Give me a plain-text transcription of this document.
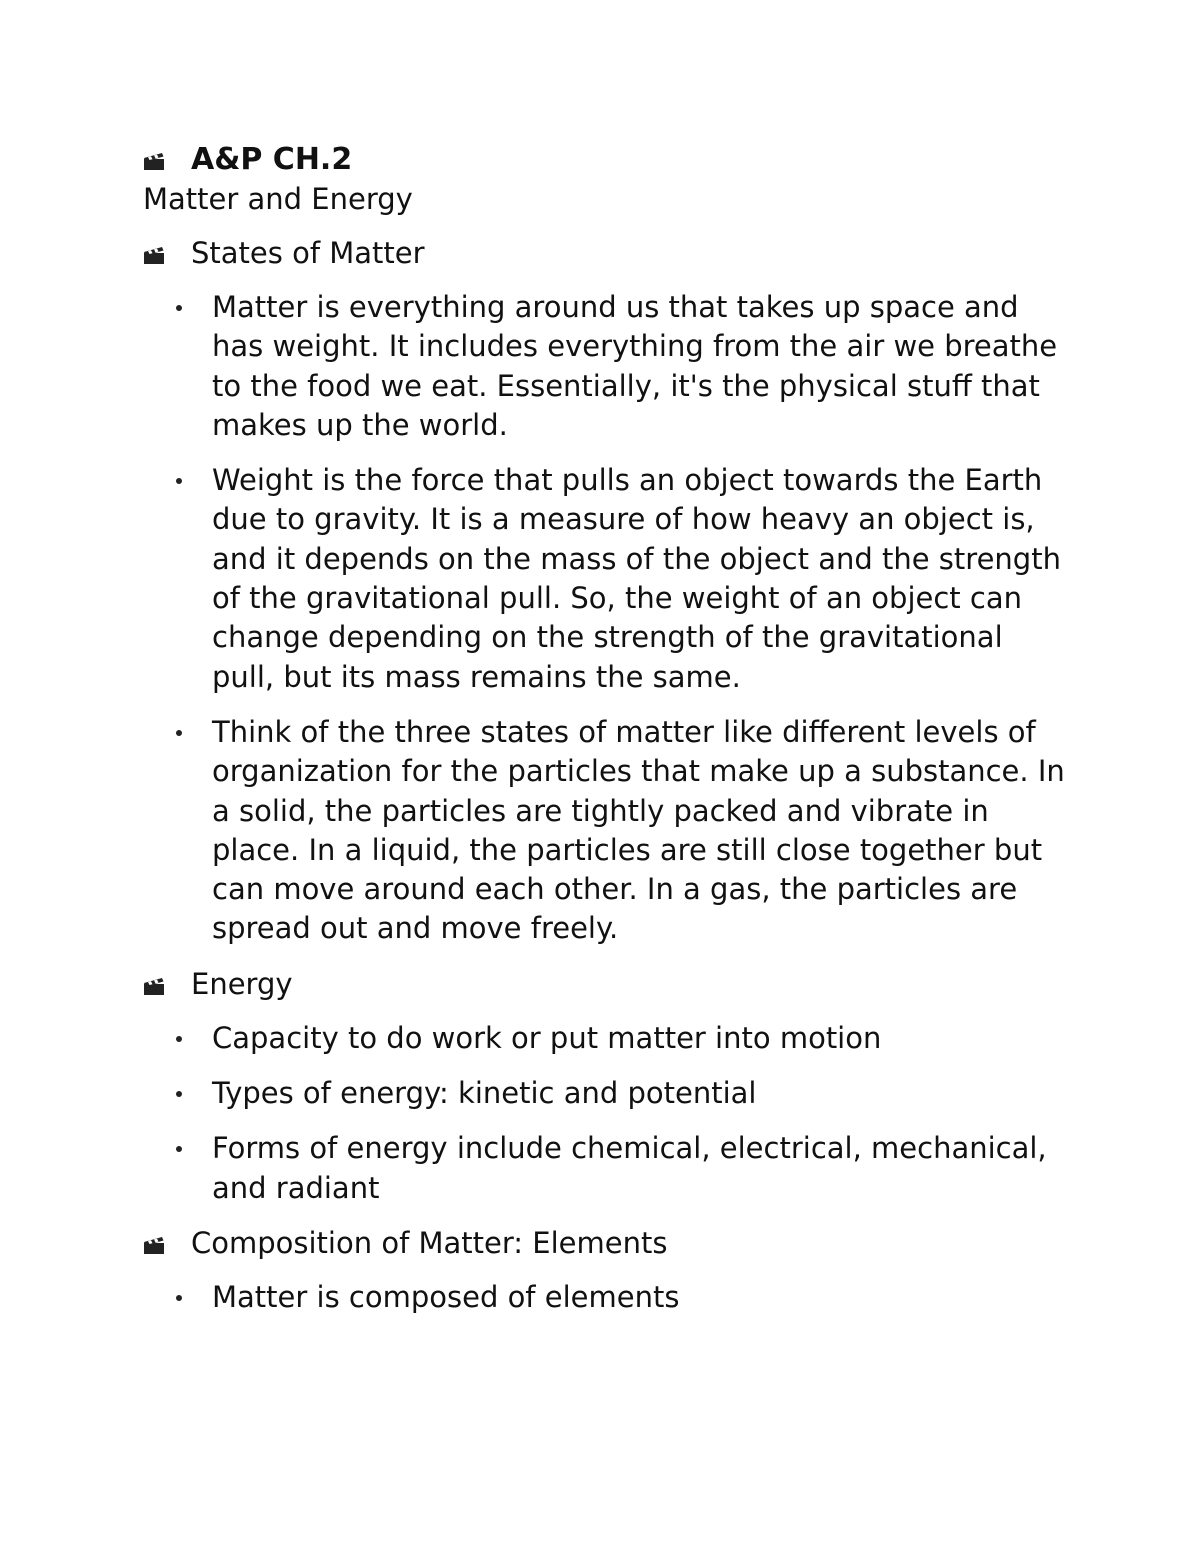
A&P CH.2
Matter and Energy
States of Matter
Matter is everything around us that takes up space and has weight. It includes everything from the air we breathe to the food we eat. Essentially, it's the physical stuff that makes up the world.
Weight is the force that pulls an object towards the Earth due to gravity. It is a measure of how heavy an object is, and it depends on the mass of the object and the strength of the gravitational pull. So, the weight of an object can change depending on the strength of the gravitational pull, but its mass remains the same.
Think of the three states of matter like different levels of organization for the particles that make up a substance. In a solid, the particles are tightly packed and vibrate in place. In a liquid, the particles are still close together but can move around each other. In a gas, the particles are spread out and move freely.
Energy
Capacity to do work or put matter into motion
Types of energy: kinetic and potential
Forms of energy include chemical, electrical, mechanical, and radiant
Composition of Matter: Elements
Matter is composed of elements
